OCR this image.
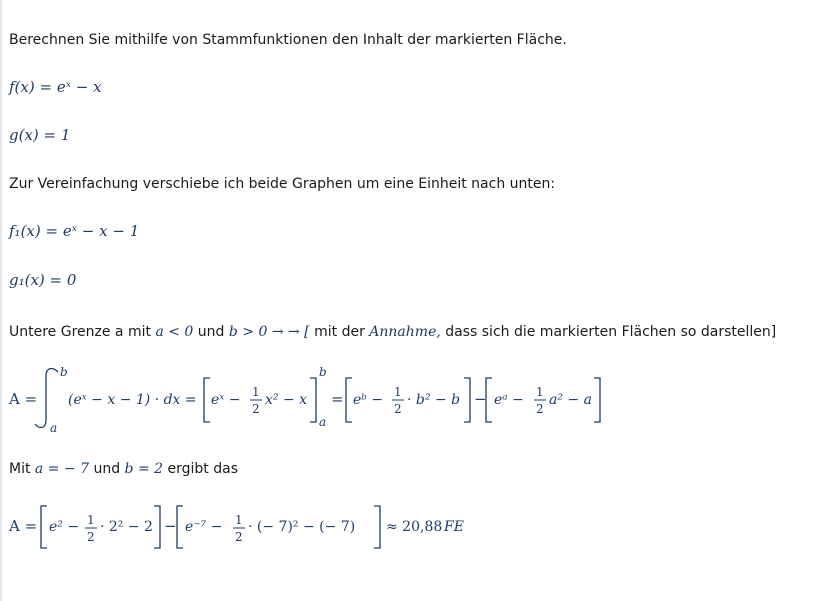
Berechnen Sie mithilfe von Stammfunktionen den Inhalt der markierten Fläche.
f(x) = eˣ − x
g(x) = 1
Zur Vereinfachung verschiebe ich beide Graphen um eine Einheit nach unten:
f₁(x) = eˣ − x − 1
g₁(x) = 0
Untere Grenze a mit a < 0 und b > 0 → → [ mit der Annahme, dass sich die markierten Flächen so darstellen]
A =
b
a
(eˣ − x − 1) · dx = eˣ − 1
2
x² − x
b
a
= eᵇ − 1
2
· b² − b − eᵃ − 1
2
a² − a
Mit a = − 7 und b = 2 ergibt das
A = e² − 1
2
· 2² − 2 − e⁻⁷ − 1
2
· (− 7)² − (− 7) ≈ 20,88 FE
